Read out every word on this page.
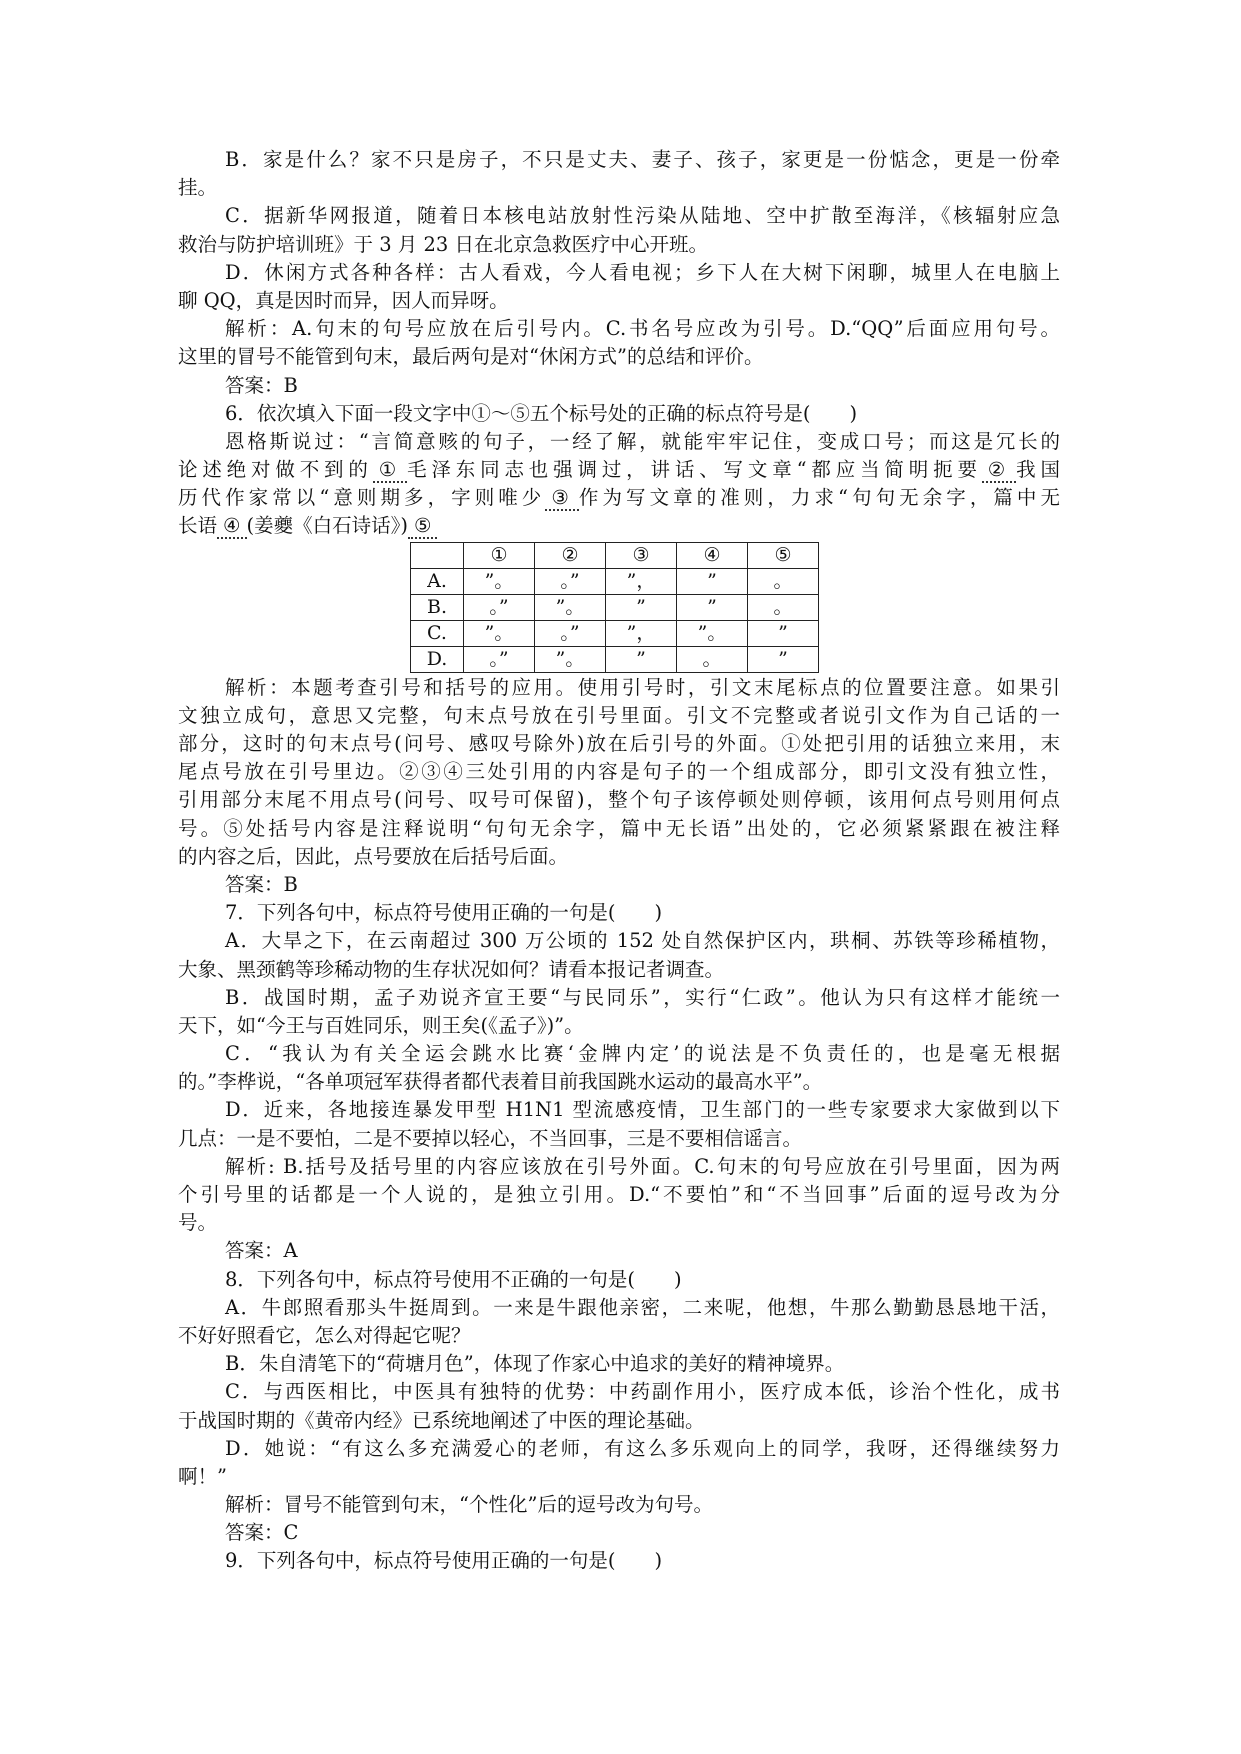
B．家是什么？家不只是房子，不只是丈夫、妻子、孩子，家更是一份惦念，更是一份牵
挂。
C．据新华网报道，随着日本核电站放射性污染从陆地、空中扩散至海洋，《核辐射应急
救治与防护培训班》于 3 月 23 日在北京急救医疗中心开班。
D．休闲方式各种各样：古人看戏，今人看电视；乡下人在大树下闲聊，城里人在电脑上
聊 QQ，真是因时而异，因人而异呀。
解析：A.句末的句号应放在后引号内。C.书名号应改为引号。D.“QQ”后面应用句号。
这里的冒号不能管到句末，最后两句是对“休闲方式”的总结和评价。
答案：B
6．依次填入下面一段文字中①～⑤五个标号处的正确的标点符号是(　　)
恩格斯说过：“言简意赅的句子，一经了解，就能牢牢记住，变成口号；而这是冗长的
论述绝对做不到的 ① 毛泽东同志也强调过，讲话、写文章“都应当简明扼要 ② 我国
历代作家常以“意则期多，字则唯少 ③ 作为写文章的准则，力求“句句无余字，篇中无
长语 ④ (姜夔《白石诗话》) ⑤
	①	②	③	④	⑤
A.	”。	。”	”，	”	。
B.	。”	”。	”	”	。
C.	”。	。”	”，	”。	”
D.	。”	”。	”	。	”
解析：本题考查引号和括号的应用。使用引号时，引文末尾标点的位置要注意。如果引
文独立成句，意思又完整，句末点号放在引号里面。引文不完整或者说引文作为自己话的一
部分，这时的句末点号(问号、感叹号除外)放在后引号的外面。①处把引用的话独立来用，末
尾点号放在引号里边。②③④三处引用的内容是句子的一个组成部分，即引文没有独立性，
引用部分末尾不用点号(问号、叹号可保留)，整个句子该停顿处则停顿，该用何点号则用何点
号。⑤处括号内容是注释说明“句句无余字，篇中无长语”出处的，它必须紧紧跟在被注释
的内容之后，因此，点号要放在后括号后面。
答案：B
7．下列各句中，标点符号使用正确的一句是(　　)
A．大旱之下，在云南超过 300 万公顷的 152 处自然保护区内，珙桐、苏铁等珍稀植物，
大象、黑颈鹤等珍稀动物的生存状况如何？请看本报记者调查。
B．战国时期，孟子劝说齐宣王要“与民同乐”，实行“仁政”。他认为只有这样才能统一
天下，如“今王与百姓同乐，则王矣(《孟子》)”。
C．“我认为有关全运会跳水比赛‘金牌内定’的说法是不负责任的，也是毫无根据
的。”李桦说，“各单项冠军获得者都代表着目前我国跳水运动的最高水平”。
D．近来，各地接连暴发甲型 H1N1 型流感疫情，卫生部门的一些专家要求大家做到以下
几点：一是不要怕，二是不要掉以轻心，不当回事，三是不要相信谣言。
解析: B.括号及括号里的内容应该放在引号外面。C.句末的句号应放在引号里面，因为两
个引号里的话都是一个人说的，是独立引用。D.“不要怕”和“不当回事”后面的逗号改为分
号。
答案：A
8．下列各句中，标点符号使用不正确的一句是(　　)
A．牛郎照看那头牛挺周到。一来是牛跟他亲密，二来呢，他想，牛那么勤勤恳恳地干活，
不好好照看它，怎么对得起它呢？
B．朱自清笔下的“荷塘月色”，体现了作家心中追求的美好的精神境界。
C．与西医相比，中医具有独特的优势：中药副作用小，医疗成本低，诊治个性化，成书
于战国时期的《黄帝内经》已系统地阐述了中医的理论基础。
D．她说：“有这么多充满爱心的老师，有这么多乐观向上的同学，我呀，还得继续努力
啊！”
解析：冒号不能管到句末，“个性化”后的逗号改为句号。
答案：C
9．下列各句中，标点符号使用正确的一句是(　　)
